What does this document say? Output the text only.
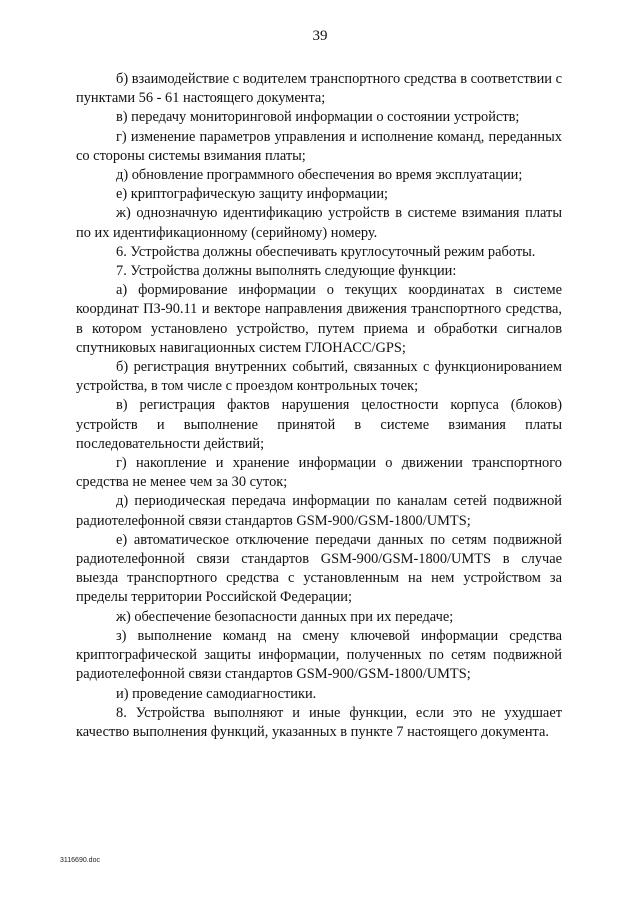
39

б) взаимодействие с водителем транспортного средства в соответствии с пунктами 56 - 61 настоящего документа;

в) передачу мониторинговой информации о состоянии устройств;

г) изменение параметров управления и исполнение команд, переданных со стороны системы взимания платы;

д) обновление программного обеспечения во время эксплуатации;

е) криптографическую защиту информации;

ж) однозначную идентификацию устройств в системе взимания платы по их идентификационному (серийному) номеру.

6. Устройства должны обеспечивать круглосуточный режим работы.

7. Устройства должны выполнять следующие функции:

а) формирование информации о текущих координатах в системе координат ПЗ-90.11 и векторе направления движения транспортного средства, в котором установлено устройство, путем приема и обработки сигналов спутниковых навигационных систем ГЛОНАСС/GPS;

б) регистрация внутренних событий, связанных с функционированием устройства, в том числе с проездом контрольных точек;

в) регистрация фактов нарушения целостности корпуса (блоков) устройств и выполнение принятой в системе взимания платы последовательности действий;

г) накопление и хранение информации о движении транспортного средства не менее чем за 30 суток;

д) периодическая передача информации по каналам сетей подвижной радиотелефонной связи стандартов GSM-900/GSM-1800/UMTS;

е) автоматическое отключение передачи данных по сетям подвижной радиотелефонной связи стандартов GSM-900/GSM-1800/UMTS в случае выезда транспортного средства с установленным на нем устройством за пределы территории Российской Федерации;

ж) обеспечение безопасности данных при их передаче;

з) выполнение команд на смену ключевой информации средства криптографической защиты информации, полученных по сетям подвижной радиотелефонной связи стандартов GSM-900/GSM-1800/UMTS;

и) проведение самодиагностики.

8. Устройства выполняют и иные функции, если это не ухудшает качество выполнения функций, указанных в пункте 7 настоящего документа.

3116690.doc
